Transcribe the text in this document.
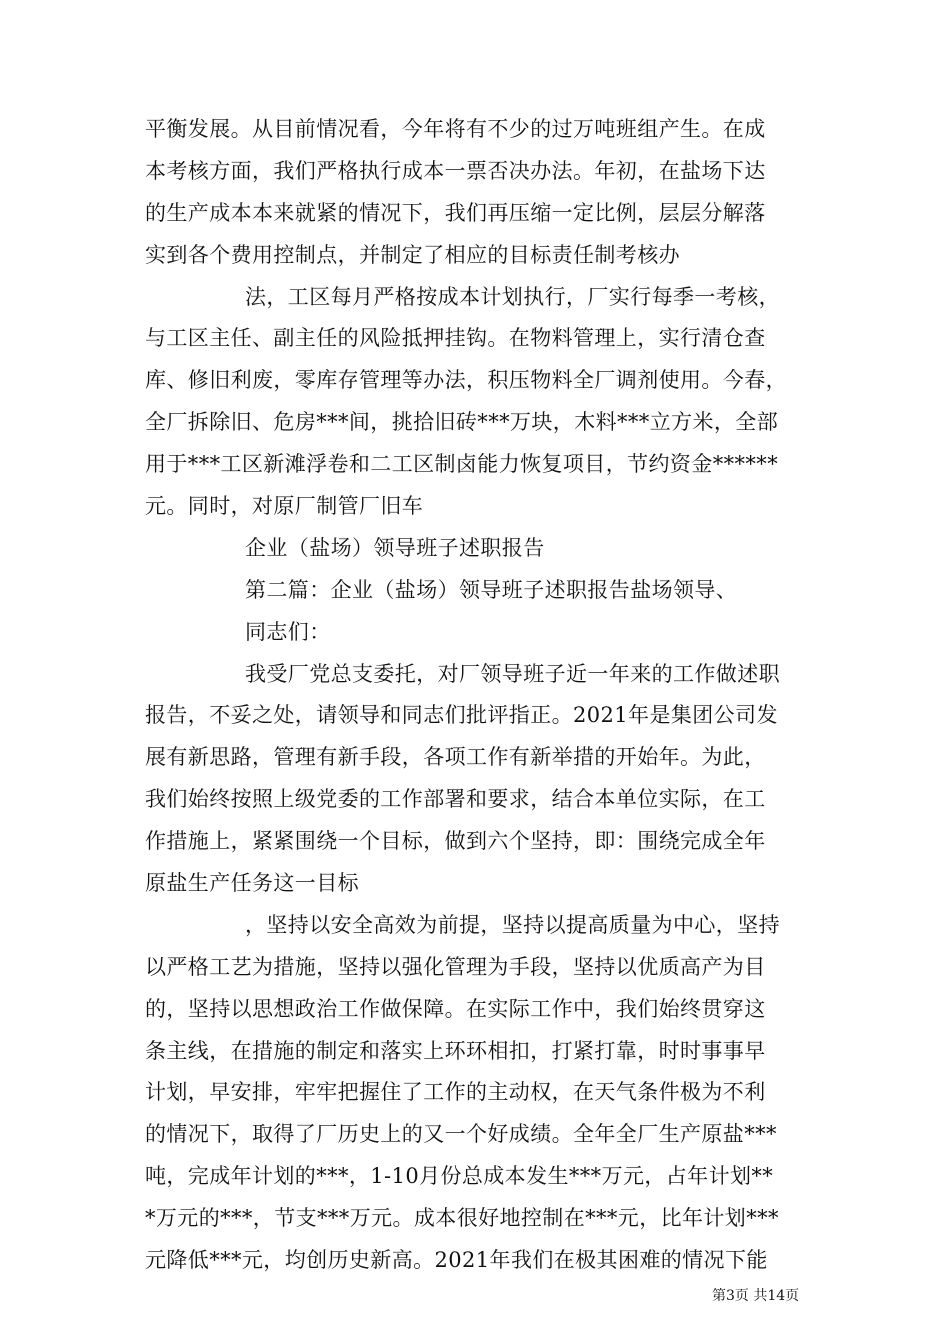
平衡发展。从目前情况看，今年将有不少的过万吨班组产生。在成
本考核方面，我们严格执行成本一票否决办法。年初，在盐场下达
的生产成本本来就紧的情况下，我们再压缩一定比例，层层分解落
实到各个费用控制点，并制定了相应的目标责任制考核办
法，工区每月严格按成本计划执行，厂实行每季一考核，
与工区主任、副主任的风险抵押挂钩。在物料管理上，实行清仓查
库、修旧利废，零库存管理等办法，积压物料全厂调剂使用。今春，
全厂拆除旧、危房***间，挑拾旧砖***万块，木料***立方米，全部
用于***工区新滩浮卷和二工区制卤能力恢复项目，节约资金******
元。同时，对原厂制管厂旧车
企业（盐场）领导班子述职报告
第二篇：企业（盐场）领导班子述职报告盐场领导、
同志们：
我受厂党总支委托，对厂领导班子近一年来的工作做述职
报告，不妥之处，请领导和同志们批评指正。2021年是集团公司发
展有新思路，管理有新手段，各项工作有新举措的开始年。为此，
我们始终按照上级党委的工作部署和要求，结合本单位实际，在工
作措施上，紧紧围绕一个目标，做到六个坚持，即：围绕完成全年
原盐生产任务这一目标
，坚持以安全高效为前提，坚持以提高质量为中心，坚持
以严格工艺为措施，坚持以强化管理为手段，坚持以优质高产为目
的，坚持以思想政治工作做保障。在实际工作中，我们始终贯穿这
条主线，在措施的制定和落实上环环相扣，打紧打靠，时时事事早
计划，早安排，牢牢把握住了工作的主动权，在天气条件极为不利
的情况下，取得了厂历史上的又一个好成绩。全年全厂生产原盐***
吨，完成年计划的***，1-10月份总成本发生***万元，占年计划**
*万元的***，节支***万元。成本很好地控制在***元，比年计划***
元降低***元，均创历史新高。2021年我们在极其困难的情况下能
第3页 共14页
